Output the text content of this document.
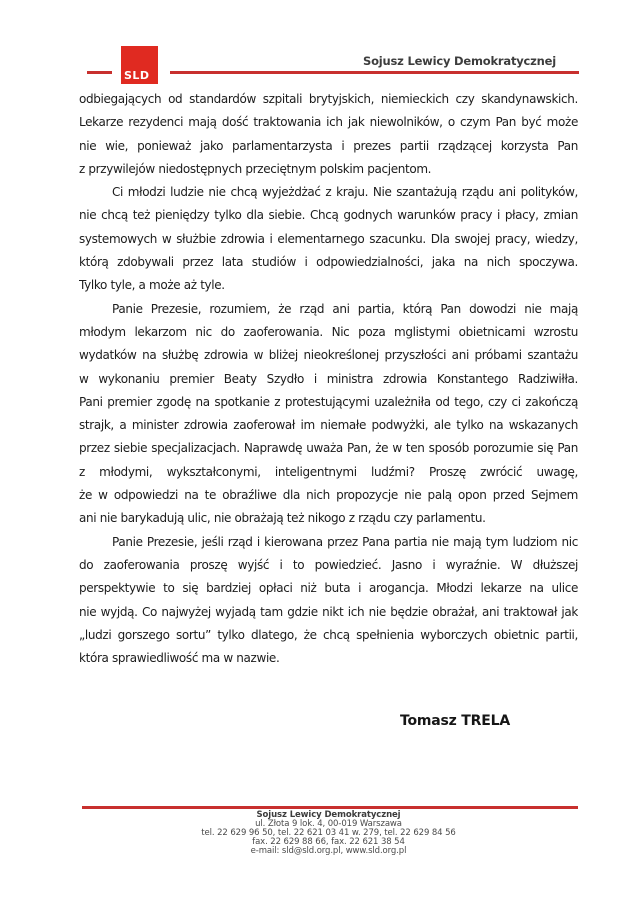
SLD
Sojusz Lewicy Demokratycznej
odbiegających od standardów szpitali brytyjskich, niemieckich czy skandynawskich.
Lekarze rezydenci mają dość traktowania ich jak niewolników, o czym Pan być może
nie wie, ponieważ jako parlamentarzysta i prezes partii rządzącej korzysta Pan
z przywilejów niedostępnych przeciętnym polskim pacjentom.
Ci młodzi ludzie nie chcą wyjeżdżać z kraju. Nie szantażują rządu ani polityków,
nie chcą też pieniędzy tylko dla siebie. Chcą godnych warunków pracy i płacy, zmian
systemowych w służbie zdrowia i elementarnego szacunku. Dla swojej pracy, wiedzy,
którą zdobywali przez lata studiów i odpowiedzialności, jaka na nich spoczywa.
Tylko tyle, a może aż tyle.
Panie Prezesie, rozumiem, że rząd ani partia, którą Pan dowodzi nie mają
młodym lekarzom nic do zaoferowania. Nic poza mglistymi obietnicami wzrostu
wydatków na służbę zdrowia w bliżej nieokreślonej przyszłości ani próbami szantażu
w wykonaniu premier Beaty Szydło i ministra zdrowia Konstantego Radziwiłła.
Pani premier zgodę na spotkanie z protestującymi uzależniła od tego, czy ci zakończą
strajk, a minister zdrowia zaoferował im niemałe podwyżki, ale tylko na wskazanych
przez siebie specjalizacjach. Naprawdę uważa Pan, że w ten sposób porozumie się Pan
z młodymi, wykształconymi, inteligentnymi ludźmi? Proszę zwrócić uwagę,
że w odpowiedzi na te obraźliwe dla nich propozycje nie palą opon przed Sejmem
ani nie barykadują ulic, nie obrażają też nikogo z rządu czy parlamentu.
Panie Prezesie, jeśli rząd i kierowana przez Pana partia nie mają tym ludziom nic
do zaoferowania proszę wyjść i to powiedzieć. Jasno i wyraźnie. W dłuższej
perspektywie to się bardziej opłaci niż buta i arogancja. Młodzi lekarze na ulice
nie wyjdą. Co najwyżej wyjadą tam gdzie nikt ich nie będzie obrażał, ani traktował jak
„ludzi gorszego sortu” tylko dlatego, że chcą spełnienia wyborczych obietnic partii,
która sprawiedliwość ma w nazwie.
Tomasz TRELA
Sojusz Lewicy Demokratycznej
ul. Złota 9 lok. 4, 00-019 Warszawa
tel. 22 629 96 50, tel. 22 621 03 41 w. 279, tel. 22 629 84 56
fax. 22 629 88 66, fax. 22 621 38 54
e-mail: sld@sld.org.pl, www.sld.org.pl
